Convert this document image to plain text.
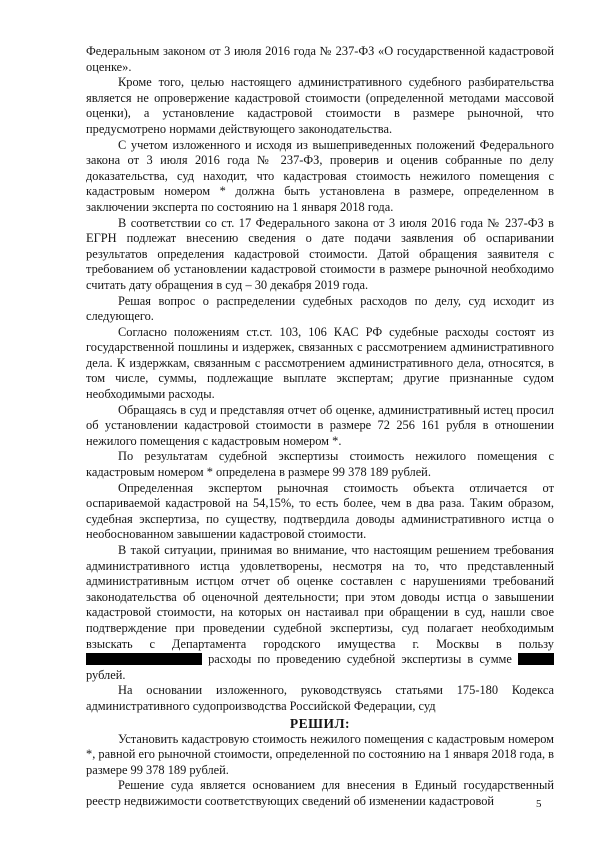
Федеральным законом от 3 июля 2016 года № 237-ФЗ «О государственной кадастровой оценке».

Кроме того, целью настоящего административного судебного разбирательства является не опровержение кадастровой стоимости (определенной методами массовой оценки), а установление кадастровой стоимости в размере рыночной, что предусмотрено нормами действующего законодательства.

С учетом изложенного и исходя из вышеприведенных положений Федерального закона от 3 июля 2016 года № 237-ФЗ, проверив и оценив собранные по делу доказательства, суд находит, что кадастровая стоимость нежилого помещения с кадастровым номером * должна быть установлена в размере, определенном в заключении эксперта по состоянию на 1 января 2018 года.

В соответствии со ст. 17 Федерального закона от 3 июля 2016 года № 237-ФЗ в ЕГРН подлежат внесению сведения о дате подачи заявления об оспаривании результатов определения кадастровой стоимости. Датой обращения заявителя с требованием об установлении кадастровой стоимости в размере рыночной необходимо считать дату обращения в суд – 30 декабря 2019 года.

Решая вопрос о распределении судебных расходов по делу, суд исходит из следующего.

Согласно положениям ст.ст. 103, 106 КАС РФ судебные расходы состоят из государственной пошлины и издержек, связанных с рассмотрением административного дела. К издержкам, связанным с рассмотрением административного дела, относятся, в том числе, суммы, подлежащие выплате экспертам; другие признанные судом необходимыми расходы.

Обращаясь в суд и представляя отчет об оценке, административный истец просил об установлении кадастровой стоимости в размере 72 256 161 рубля в отношении нежилого помещения с кадастровым номером *.

По результатам судебной экспертизы стоимость нежилого помещения с кадастровым номером * определена в размере 99 378 189 рублей.

Определенная экспертом рыночная стоимость объекта отличается от оспариваемой кадастровой на 54,15%, то есть более, чем в два раза. Таким образом, судебная экспертиза, по существу, подтвердила доводы административного истца о необоснованном завышении кадастровой стоимости.

В такой ситуации, принимая во внимание, что настоящим решением требования административного истца удовлетворены, несмотря на то, что представленный административным истцом отчет об оценке составлен с нарушениями требований законодательства об оценочной деятельности; при этом доводы истца о завышении кадастровой стоимости, на которых он настаивал при обращении в суд, нашли свое подтверждение при проведении судебной экспертизы, суд полагает необходимым взыскать с Департамента городского имущества г. Москвы в пользу  расходы по проведению судебной экспертизы в сумме  рублей.

На основании изложенного, руководствуясь статьями 175-180 Кодекса административного судопроизводства Российской Федерации, суд

РЕШИЛ:

Установить кадастровую стоимость нежилого помещения с кадастровым номером *, равной его рыночной стоимости, определенной по состоянию на 1 января 2018 года, в размере 99 378 189 рублей.

Решение суда является основанием для внесения в Единый государственный реестр недвижимости соответствующих сведений об изменении кадастровой	5
